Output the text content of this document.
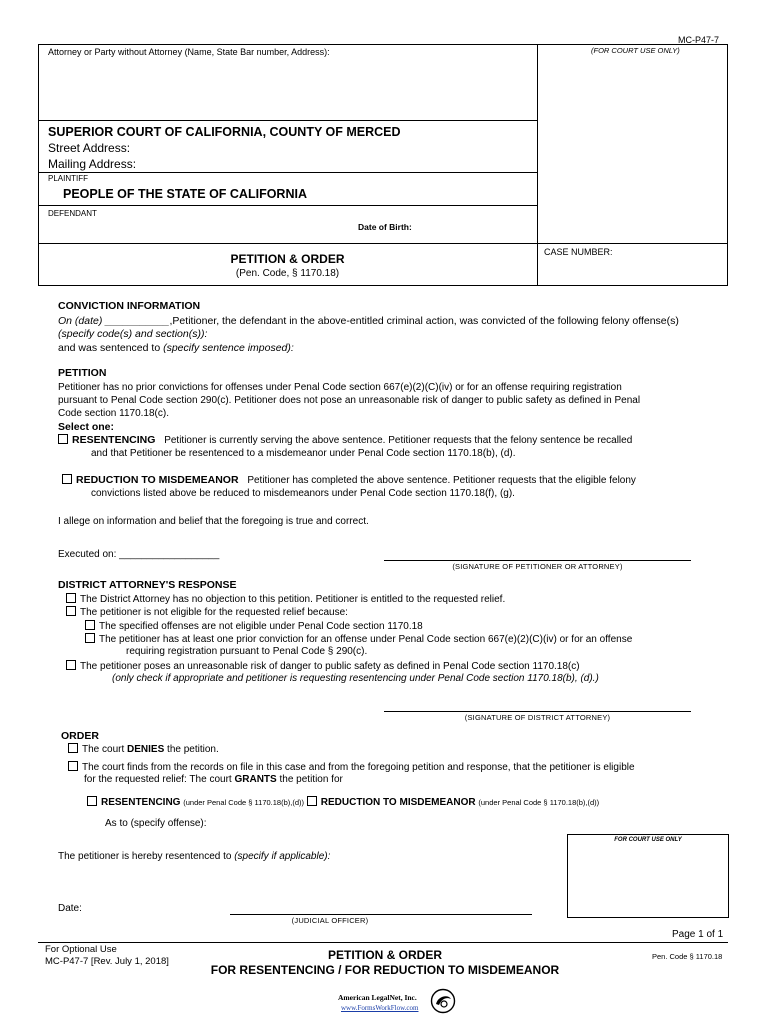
MC-P47-7
Attorney or Party without Attorney (Name, State Bar number, Address):	(FOR COURT USE ONLY)
SUPERIOR COURT OF CALIFORNIA, COUNTY OF MERCED
Street Address:
Mailing Address:
PLAINTIFF
PEOPLE OF THE STATE OF CALIFORNIA
DEFENDANT
Date of Birth:
PETITION & ORDER
(Pen. Code, § 1170.18)
CASE NUMBER:
CONVICTION INFORMATION
On (date) ___________,Petitioner, the defendant in the above-entitled criminal action, was convicted of the following felony offense(s)
(specify code(s) and section(s)):
and was sentenced to (specify sentence imposed):
PETITION
Petitioner has no prior convictions for offenses under Penal Code section 667(e)(2)(C)(iv) or for an offense requiring registration
pursuant to Penal Code section 290(c). Petitioner does not pose an unreasonable risk of danger to public safety as defined in Penal
Code section 1170.18(c).
Select one:
RESENTENCING Petitioner is currently serving the above sentence. Petitioner requests that the felony sentence be recalled
and that Petitioner be resentenced to a misdemeanor under Penal Code section 1170.18(b), (d).
REDUCTION TO MISDEMEANOR Petitioner has completed the above sentence. Petitioner requests that the eligible felony
convictions listed above be reduced to misdemeanors under Penal Code section 1170.18(f), (g).
I allege on information and belief that the foregoing is true and correct.
Executed on: __________________
(SIGNATURE OF PETITIONER OR ATTORNEY)
DISTRICT ATTORNEY'S RESPONSE
The District Attorney has no objection to this petition. Petitioner is entitled to the requested relief.
The petitioner is not eligible for the requested relief because:
The specified offenses are not eligible under Penal Code section 1170.18
The petitioner has at least one prior conviction for an offense under Penal Code section 667(e)(2)(C)(iv) or for an offense
requiring registration pursuant to Penal Code § 290(c).
The petitioner poses an unreasonable risk of danger to public safety as defined in Penal Code section 1170.18(c)
(only check if appropriate and petitioner is requesting resentencing under Penal Code section 1170.18(b), (d).)
(SIGNATURE OF DISTRICT ATTORNEY)
ORDER
The court DENIES the petition.
The court finds from the records on file in this case and from the foregoing petition and response, that the petitioner is eligible
for the requested relief: The court GRANTS the petition for
RESENTENCING (under Penal Code § 1170.18(b),(d)) REDUCTION TO MISDEMEANOR (under Penal Code § 1170.18(b),(d))
As to (specify offense):
FOR COURT USE ONLY
The petitioner is hereby resentenced to (specify if applicable):
Date:
(JUDICIAL OFFICER)
Page 1 of 1
For Optional Use
MC-P47-7 [Rev. July 1, 2018]	PETITION & ORDER
FOR RESENTENCING / FOR REDUCTION TO MISDEMEANOR
Pen. Code § 1170.18
American LegalNet, Inc.
www.FormsWorkFlow.com
